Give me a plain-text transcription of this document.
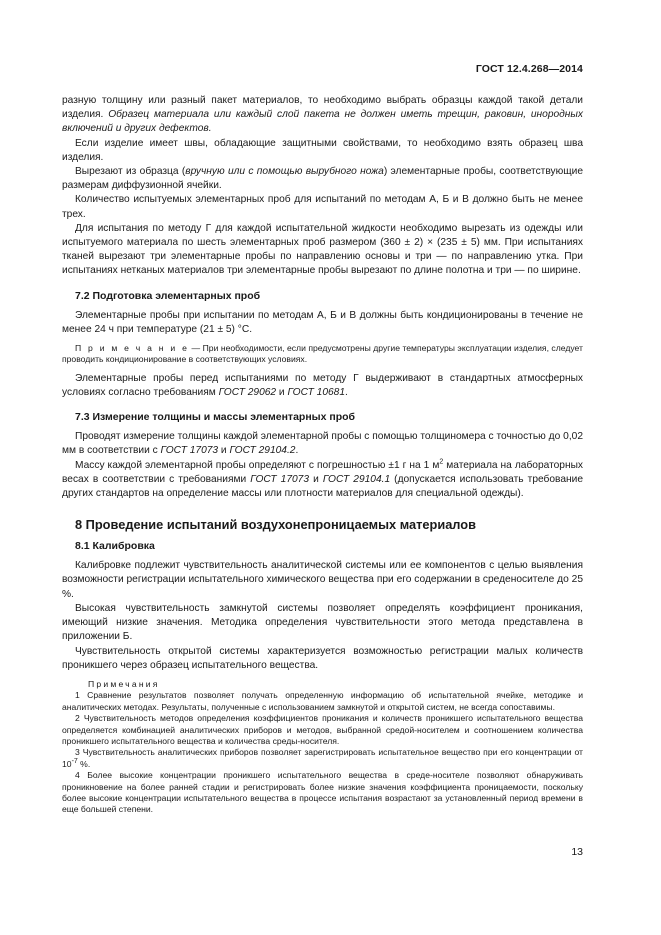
ГОСТ 12.4.268—2014

разную толщину или разный пакет материалов, то необходимо выбрать образцы каждой такой детали изделия. Образец материала или каждый слой пакета не должен иметь трещин, раковин, инородных включений и других дефектов.

Если изделие имеет швы, обладающие защитными свойствами, то необходимо взять образец шва изделия.

Вырезают из образца (вручную или с помощью вырубного ножа) элементарные пробы, соответствующие размерам диффузионной ячейки.

Количество испытуемых элементарных проб для испытаний по методам А, Б и В должно быть не менее трех.

Для испытания по методу Г для каждой испытательной жидкости необходимо вырезать из одежды или испытуемого материала по шесть элементарных проб размером (360 ± 2) × (235 ± 5) мм. При испытаниях тканей вырезают три элементарные пробы по направлению основы и три — по направлению утка. При испытаниях нетканых материалов три элементарные пробы вырезают по длине полотна и три — по ширине.

7.2 Подготовка элементарных проб

Элементарные пробы при испытании по методам А, Б и В должны быть кондиционированы в течение не менее 24 ч при температуре (21 ± 5) °С.

П р и м е ч а н и е — При необходимости, если предусмотрены другие температуры эксплуатации изделия, следует проводить кондиционирование в соответствующих условиях.

Элементарные пробы перед испытаниями по методу Г выдерживают в стандартных атмосферных условиях согласно требованиям ГОСТ 29062 и ГОСТ 10681.

7.3 Измерение толщины и массы элементарных проб

Проводят измерение толщины каждой элементарной пробы с помощью толщиномера с точностью до 0,02 мм в соответствии с ГОСТ 17073 и ГОСТ 29104.2.

Массу каждой элементарной пробы определяют с погрешностью ±1 г на 1 $м^2$ материала на лабораторных весах в соответствии с требованиями ГОСТ 17073 и ГОСТ 29104.1 (допускается использовать требование других стандартов на определение массы или плотности материалов для специальной одежды).

8 Проведение испытаний воздухонепроницаемых материалов
8.1 Калибровка

Калибровке подлежит чувствительность аналитической системы или ее компонентов с целью выявления возможности регистрации испытательного химического вещества при его содержании в среденосителе до 25 %.

Высокая чувствительность замкнутой системы позволяет определять коэффициент проникания, имеющий низкие значения. Методика определения чувствительности этого метода представлена в приложении Б.

Чувствительность открытой системы характеризуется возможностью регистрации малых количеств проникшего через образец испытательного вещества.

Примечания

1 Сравнение результатов позволяет получать определенную информацию об испытательной ячейке, методике и аналитических методах. Результаты, полученные с использованием замкнутой и открытой систем, не всегда сопоставимы.

2 Чувствительность методов определения коэффициентов проникания и количеств проникшего испытательного вещества определяется комбинацией аналитических приборов и методов, выбранной средой-носителем и соотношением количества проникшего испытательного вещества и количества среды-носителя.

3 Чувствительность аналитических приборов позволяет зарегистрировать испытательное вещество при его концентрации от $10^{-7}$ %.

4 Более высокие концентрации проникшего испытательного вещества в среде-носителе позволяют обнаруживать проникновение на более ранней стадии и регистрировать более низкие значения коэффициента проницаемости, поскольку более высокие концентрации испытательного вещества в процессе испытания возрастают за установленный период времени в еще большей степени.

13
